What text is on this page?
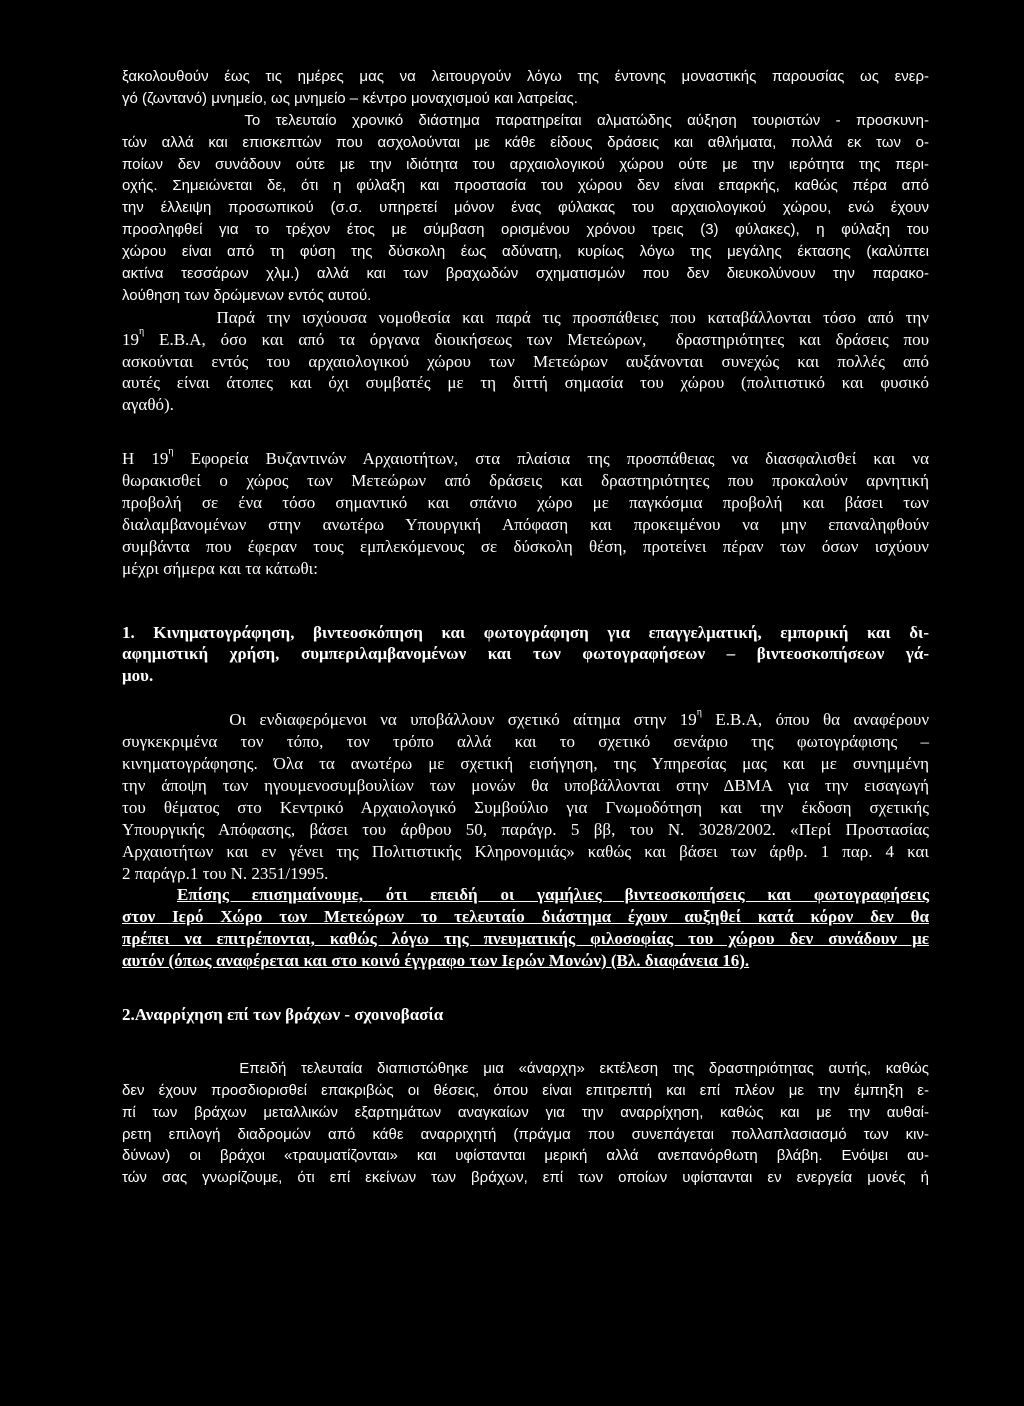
ξακολουθούν έως τις ημέρες μας να λειτουργούν λόγω της έντονης μοναστικής παρουσίας ως ενερ-
γό (ζωντανό) μνημείο, ως μνημείο – κέντρο μοναχισμού και λατρείας.
Το τελευταίο χρονικό διάστημα παρατηρείται αλματώδης αύξηση τουριστών - προσκυνη-
τών αλλά και επισκεπτών που ασχολούνται με κάθε είδους δράσεις και αθλήματα, πολλά εκ των ο-
ποίων δεν συνάδουν ούτε με την ιδιότητα του αρχαιολογικού χώρου ούτε με την ιερότητα της περι-
οχής. Σημειώνεται δε, ότι η φύλαξη και προστασία του χώρου δεν είναι επαρκής, καθώς πέρα από
την έλλειψη προσωπικού (σ.σ. υπηρετεί μόνον ένας φύλακας του αρχαιολογικού χώρου, ενώ έχουν
προσληφθεί για το τρέχον έτος με σύμβαση ορισμένου χρόνου τρεις (3) φύλακες), η φύλαξη του
χώρου είναι από τη φύση της δύσκολη έως αδύνατη, κυρίως λόγω της μεγάλης έκτασης (καλύπτει
ακτίνα τεσσάρων χλμ.) αλλά και των βραχωδών σχηματισμών που δεν διευκολύνουν την παρακο-
λούθηση των δρώμενων εντός αυτού.
Παρά την ισχύουσα νομοθεσία και παρά τις προσπάθειες που καταβάλλονται τόσο από την
$19^\eta$ Ε.Β.Α, όσο και από τα όργανα διοικήσεως των Μετεώρων,  δραστηριότητες και δράσεις που
ασκούνται εντός του αρχαιολογικού χώρου των Μετεώρων αυξάνονται συνεχώς και πολλές από
αυτές είναι άτοπες και όχι συμβατές με τη διττή σημασία του χώρου (πολιτιστικό και φυσικό
αγαθό).
Η $19^\eta$ Εφορεία Βυζαντινών Αρχαιοτήτων, στα πλαίσια της προσπάθειας να διασφαλισθεί και να
θωρακισθεί ο χώρος των Μετεώρων από δράσεις και δραστηριότητες που προκαλούν αρνητική
προβολή σε ένα τόσο σημαντικό και σπάνιο χώρο με παγκόσμια προβολή και βάσει των
διαλαμβανομένων στην ανωτέρω Υπουργική Απόφαση και προκειμένου να μην επαναληφθούν
συμβάντα που έφεραν τους εμπλεκόμενους σε δύσκολη θέση, προτείνει πέραν των όσων ισχύουν
μέχρι σήμερα και τα κάτωθι:
1. Κινηματογράφηση, βιντεοσκόπηση και φωτογράφηση για επαγγελματική, εμπορική και δι-
αφημιστική χρήση, συμπεριλαμβανομένων και των φωτογραφήσεων – βιντεοσκοπήσεων γά-
μου.
Οι ενδιαφερόμενοι να υποβάλλουν σχετικό αίτημα στην $19^\eta$ Ε.Β.Α, όπου θα αναφέρουν
συγκεκριμένα τον τόπο, τον τρόπο αλλά και το σχετικό σενάριο της φωτογράφισης –
κινηματογράφησης. Όλα τα ανωτέρω με σχετική εισήγηση, της Υπηρεσίας μας και με συνημμένη
την άποψη των ηγουμενοσυμβουλίων των μονών θα υποβάλλονται στην ΔΒΜΑ για την εισαγωγή
του θέματος στο Κεντρικό Αρχαιολογικό Συμβούλιο για Γνωμοδότηση και την έκδοση σχετικής
Υπουργικής Απόφασης, βάσει του άρθρου 50, παράγρ. 5 ββ, του Ν. 3028/2002. «Περί Προστασίας
Αρχαιοτήτων και εν γένει της Πολιτιστικής Κληρονομιάς» καθώς και βάσει των άρθρ. 1 παρ. 4 και
2 παράγρ.1 του Ν. 2351/1995.
Επίσης επισημαίνουμε, ότι επειδή οι γαμήλιες βιντεοσκοπήσεις και φωτογραφήσεις
στον Ιερό Χώρο των Μετεώρων το τελευταίο διάστημα έχουν αυξηθεί κατά κόρον δεν θα
πρέπει να επιτρέπονται, καθώς λόγω της πνευματικής φιλοσοφίας του χώρου δεν συνάδουν με
αυτόν (όπως αναφέρεται και στο κοινό έγγραφο των Ιερών Μονών) (Βλ. διαφάνεια 16).
2.Αναρρίχηση επί των βράχων - σχοινοβασία
Επειδή τελευταία διαπιστώθηκε μια «άναρχη» εκτέλεση της δραστηριότητας αυτής, καθώς
δεν έχουν προσδιορισθεί επακριβώς οι θέσεις, όπου είναι επιτρεπτή και επί πλέον με την έμπηξη ε-
πί των βράχων μεταλλικών εξαρτημάτων αναγκαίων για την αναρρίχηση, καθώς και με την αυθαί-
ρετη επιλογή διαδρομών από κάθε αναρριχητή (πράγμα που συνεπάγεται πολλαπλασιασμό των κιν-
δύνων) οι βράχοι «τραυματίζονται» και υφίστανται μερική αλλά ανεπανόρθωτη βλάβη. Ενόψει αυ-
τών σας γνωρίζουμε, ότι επί εκείνων των βράχων, επί των οποίων υφίστανται εν ενεργεία μονές ή
